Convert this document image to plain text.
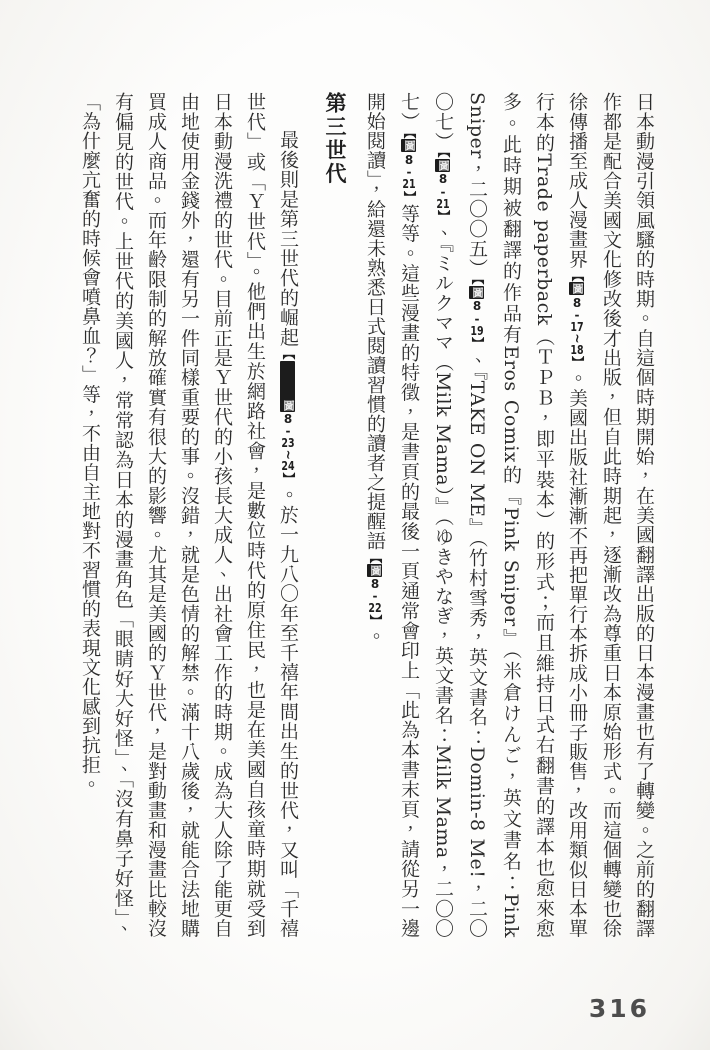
日本動漫引領風騷的時期。自這個時期開始，在美國翻譯出版的日本漫畫也有了轉變。之前的翻譯作都是配合美國文化修改後才出版，但自此時期起，逐漸改為尊重日本原始形式。而這個轉變也徐徐傳播至成人漫畫界【圖8-17~18】。美國出版社漸漸不再把單行本拆成小冊子販售，改用類似日本單行本的Trade paperback（ＴＰＢ，即平裝本）的形式；而且維持日式右翻書的譯本也愈來愈多。此時期被翻譯的作品有Eros Comix的『Pink Sniper』（米倉けんご，英文書名：Pink Sniper，二〇〇五）【圖8-19】、『TAKE ON ME』（竹村雪秀，英文書名：Domin-8 Me!，二〇〇七）【圖8-21】、『ミルクママ（Milk Mama）』（ゆきやなぎ，英文書名：Milk Mama，二〇〇七）【圖8-21】等等。這些漫畫的特徵，是書頁的最後一頁通常會印上「此為本書末頁，請從另一邊開始閱讀」，給還未熟悉日式閱讀習慣的讀者之提醒語【圖8-22】。

第三世代

最後則是第三世代的崛起【圖8-23~24】。於一九八〇年至千禧年間出生的世代，又叫「千禧世代」或「Ｙ世代」。他們出生於網路社會，是數位時代的原住民，也是在美國自孩童時期就受到日本動漫洗禮的世代。目前正是Ｙ世代的小孩長大成人、出社會工作的時期。成為大人除了能更自由地使用金錢外，還有另一件同樣重要的事。沒錯，就是色情的解禁。滿十八歲後，就能合法地購買成人商品。而年齡限制的解放確實有很大的影響。尤其是美國的Ｙ世代，是對動畫和漫畫比較沒有偏見的世代。上世代的美國人，常常認為日本的漫畫角色「眼睛好大好怪」、「沒有鼻子好怪」、「為什麼亢奮的時候會噴鼻血？」等，不由自主地對不習慣的表現文化感到抗拒。

316
